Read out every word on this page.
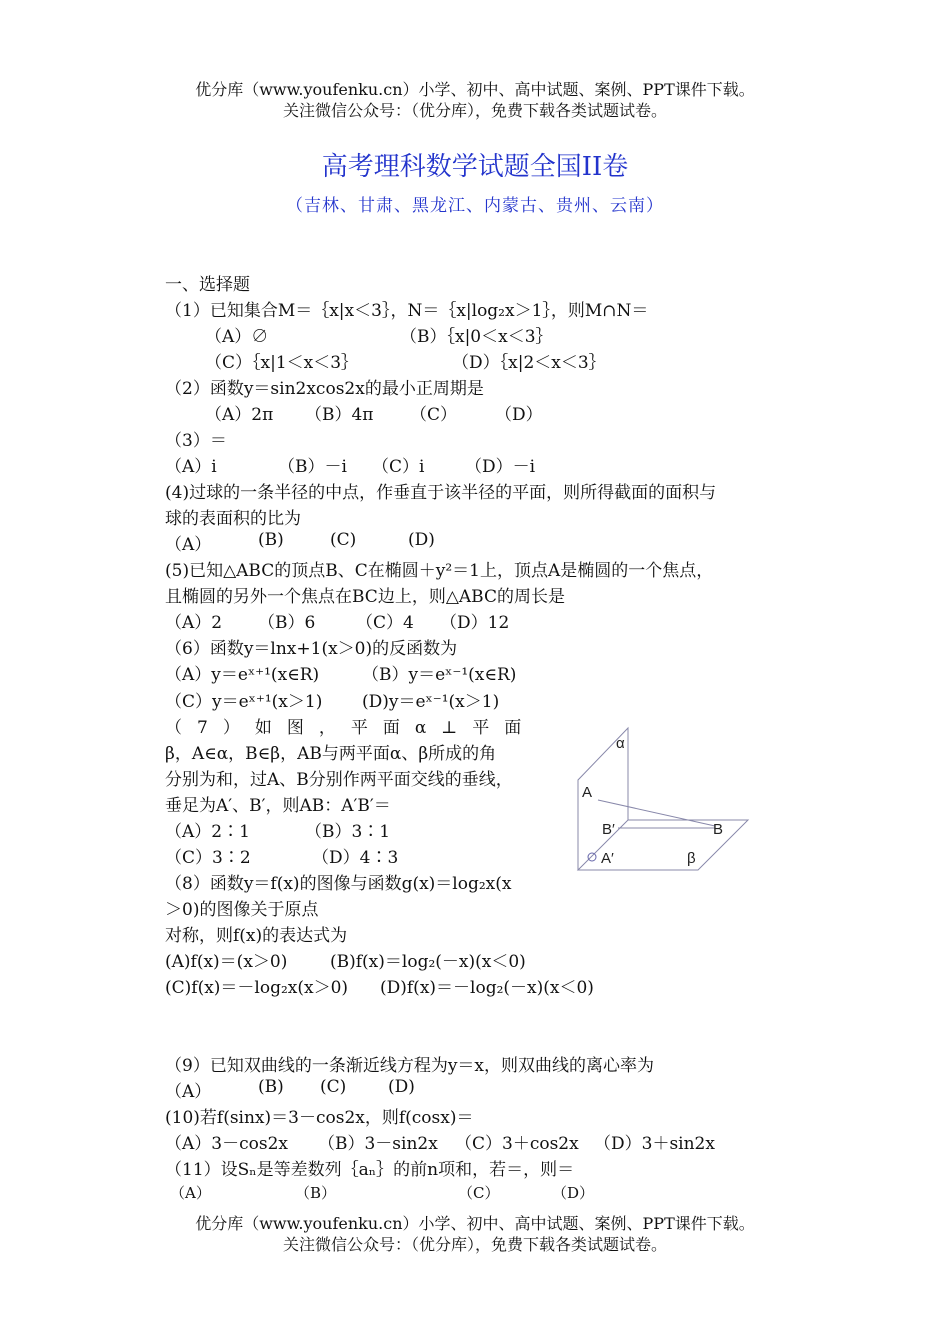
优分库（www.youfenku.cn）小学、初中、高中试题、案例、PPT课件下载。
关注微信公众号：（优分库），免费下载各类试题试卷。
高考理科数学试题全国II卷
（吉林、甘肃、黑龙江、内蒙古、贵州、云南）
一、选择题
（1）已知集合M＝｛x|x＜3｝，N＝｛x|log₂x＞1｝，则M∩N＝
（A）∅	（B）｛x|0＜x＜3｝
（C）｛x|1＜x＜3｝	（D）｛x|2＜x＜3｝
（2）函数y＝sin2xcos2x的最小正周期是
（A）2π （B）4π （C） （D）
（3）＝
（A）i	（B）－i （C）i （D）－i
(4)过球的一条半径的中点，作垂直于该半径的平面，则所得截面的面积与
球的表面积的比为
（A）	(B)	(C)	(D)
(5)已知△ABC的顶点B、C在椭圆＋y²＝1上，顶点A是椭圆的一个焦点，
且椭圆的另外一个焦点在BC边上，则△ABC的周长是
（A）2 （B）6 （C）4 （D）12
（6）函数y＝lnx+1(x＞0)的反函数为
（A）y＝eˣ⁺¹(x∈R)	（B）y＝eˣ⁻¹(x∈R)
（C）y＝eˣ⁺¹(x＞1) (D)y＝eˣ⁻¹(x＞1)
（7）如图，平面α⊥平面
β，A∈α，B∈β，AB与两平面α、β所成的角
分别为和，过A、B分别作两平面交线的垂线，
垂足为A′、B′，则AB：A′B′＝
（A）2∶1	（B）3∶1
（C）3∶2	（D）4∶3
α
A
B′	B
A′	β
（8）函数y＝f(x)的图像与函数g(x)＝log₂x(x
＞0)的图像关于原点
对称，则f(x)的表达式为
(A)f(x)＝(x＞0)	(B)f(x)＝log₂(－x)(x＜0)
(C)f(x)＝－log₂x(x＞0) (D)f(x)＝－log₂(－x)(x＜0)
（9）已知双曲线的一条渐近线方程为y＝x，则双曲线的离心率为
（A）	(B) (C) (D)
(10)若f(sinx)＝3－cos2x，则f(cosx)＝
（A）3－cos2x （B）3－sin2x （C）3＋cos2x （D）3＋sin2x
（11）设Sₙ是等差数列｛aₙ｝的前n项和，若＝，则＝
（A）	（B）	（C）	（D）
优分库（www.youfenku.cn）小学、初中、高中试题、案例、PPT课件下载。
关注微信公众号：（优分库），免费下载各类试题试卷。
